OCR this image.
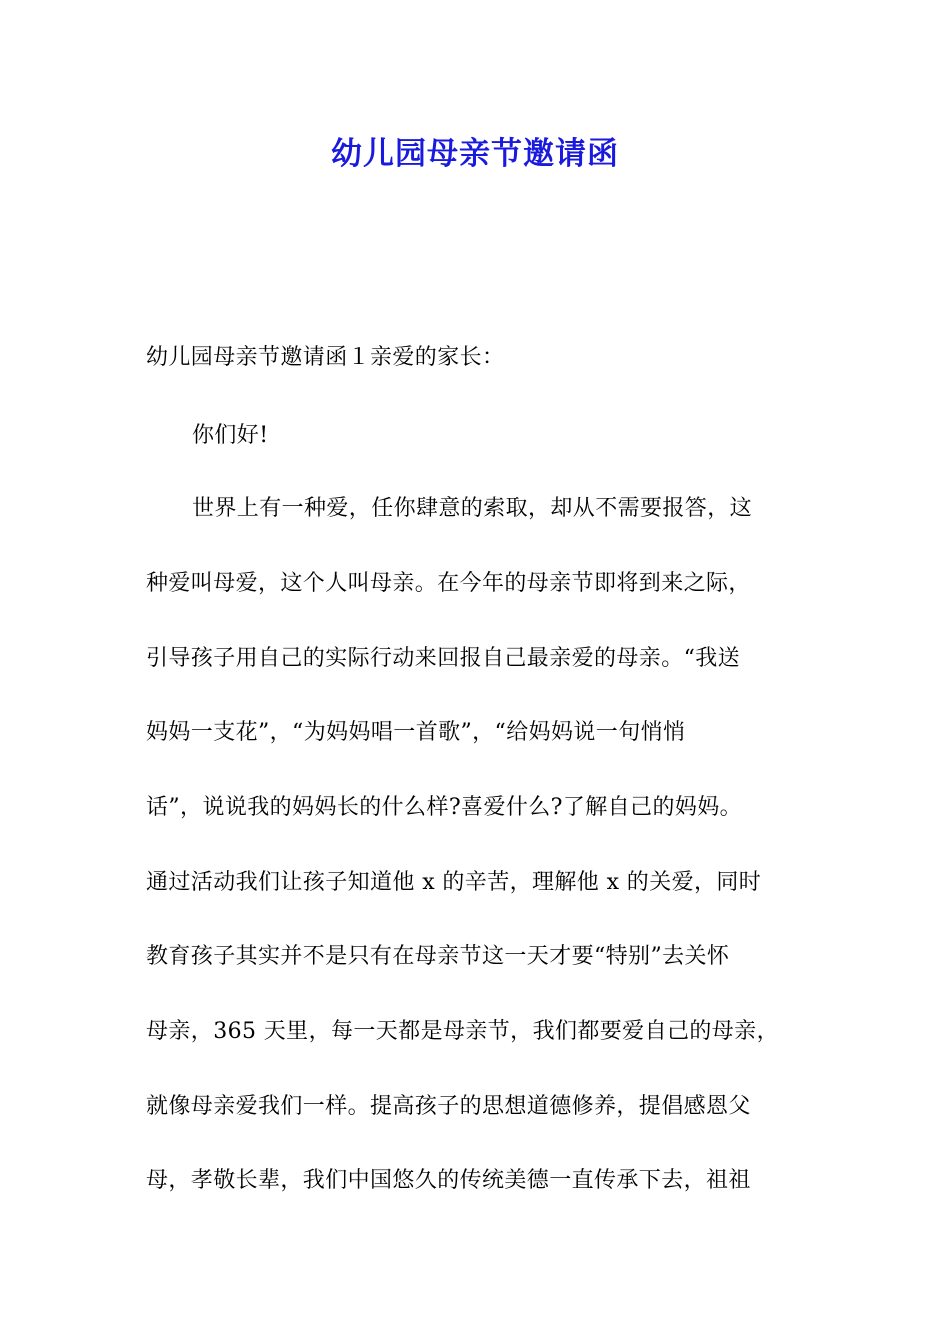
幼儿园母亲节邀请函
幼儿园母亲节邀请函１亲爱的家长：
你们好!
世界上有一种爱，任你肆意的索取，却从不需要报答，这
种爱叫母爱，这个人叫母亲。在今年的母亲节即将到来之际，
引导孩子用自己的实际行动来回报自己最亲爱的母亲。“我送
妈妈一支花”，“为妈妈唱一首歌”，“给妈妈说一句悄悄
话”，说说我的妈妈长的什么样?喜爱什么?了解自己的妈妈。
通过活动我们让孩子知道他 x 的辛苦，理解他 x 的关爱，同时
教育孩子其实并不是只有在母亲节这一天才要“特别”去关怀
母亲，365 天里，每一天都是母亲节，我们都要爱自己的母亲，
就像母亲爱我们一样。提高孩子的思想道德修养，提倡感恩父
母，孝敬长辈，我们中国悠久的传统美德一直传承下去，祖祖
